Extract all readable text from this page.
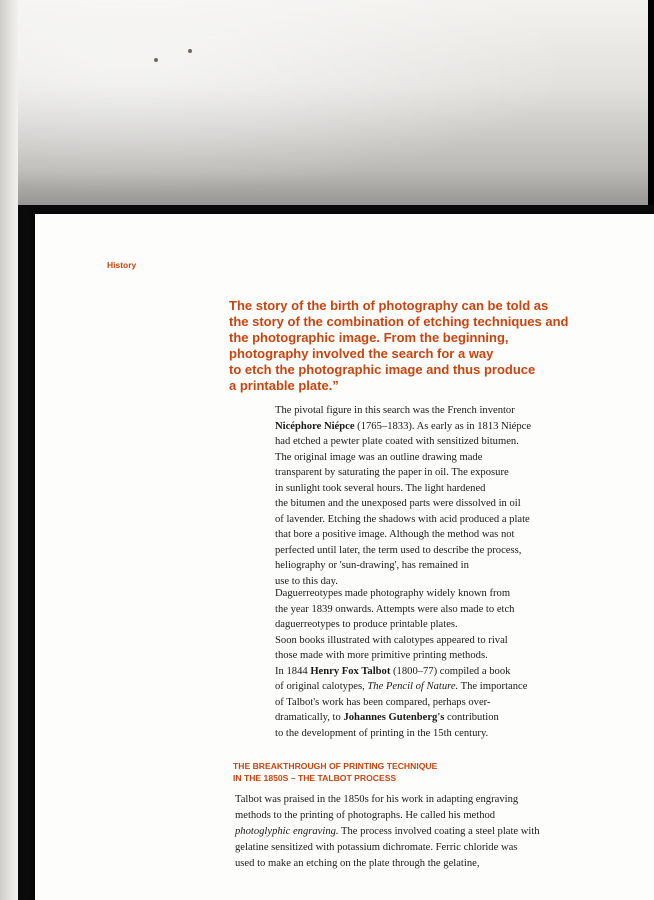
History

The story of the birth of photography can be told as
the story of the combination of etching techniques and
the photographic image. From the beginning,
photography involved the search for a way
to etch the photographic image and thus produce
a printable plate.”

The pivotal figure in this search was the French inventor
Nicéphore Niépce (1765–1833). As early as in 1813 Niépce
had etched a pewter plate coated with sensitized bitumen.
The original image was an outline drawing made
transparent by saturating the paper in oil. The exposure
in sunlight took several hours. The light hardened
the bitumen and the unexposed parts were dissolved in oil
of lavender. Etching the shadows with acid produced a plate
that bore a positive image. Although the method was not
perfected until later, the term used to describe the process,
heliography or 'sun-drawing', has remained in
use to this day.

Daguerreotypes made photography widely known from
the year 1839 onwards. Attempts were also made to etch
daguerreotypes to produce printable plates.
Soon books illustrated with calotypes appeared to rival
those made with more primitive printing methods.
In 1844 Henry Fox Talbot (1800–77) compiled a book
of original calotypes, The Pencil of Nature. The importance
of Talbot's work has been compared, perhaps over-
dramatically, to Johannes Gutenberg's contribution
to the development of printing in the 15th century.

THE BREAKTHROUGH OF PRINTING TECHNIQUE
IN THE 1850S – THE TALBOT PROCESS

Talbot was praised in the 1850s for his work in adapting engraving
methods to the printing of photographs. He called his method
photoglyphic engraving. The process involved coating a steel plate with
gelatine sensitized with potassium dichromate. Ferric chloride was
used to make an etching on the plate through the gelatine,
